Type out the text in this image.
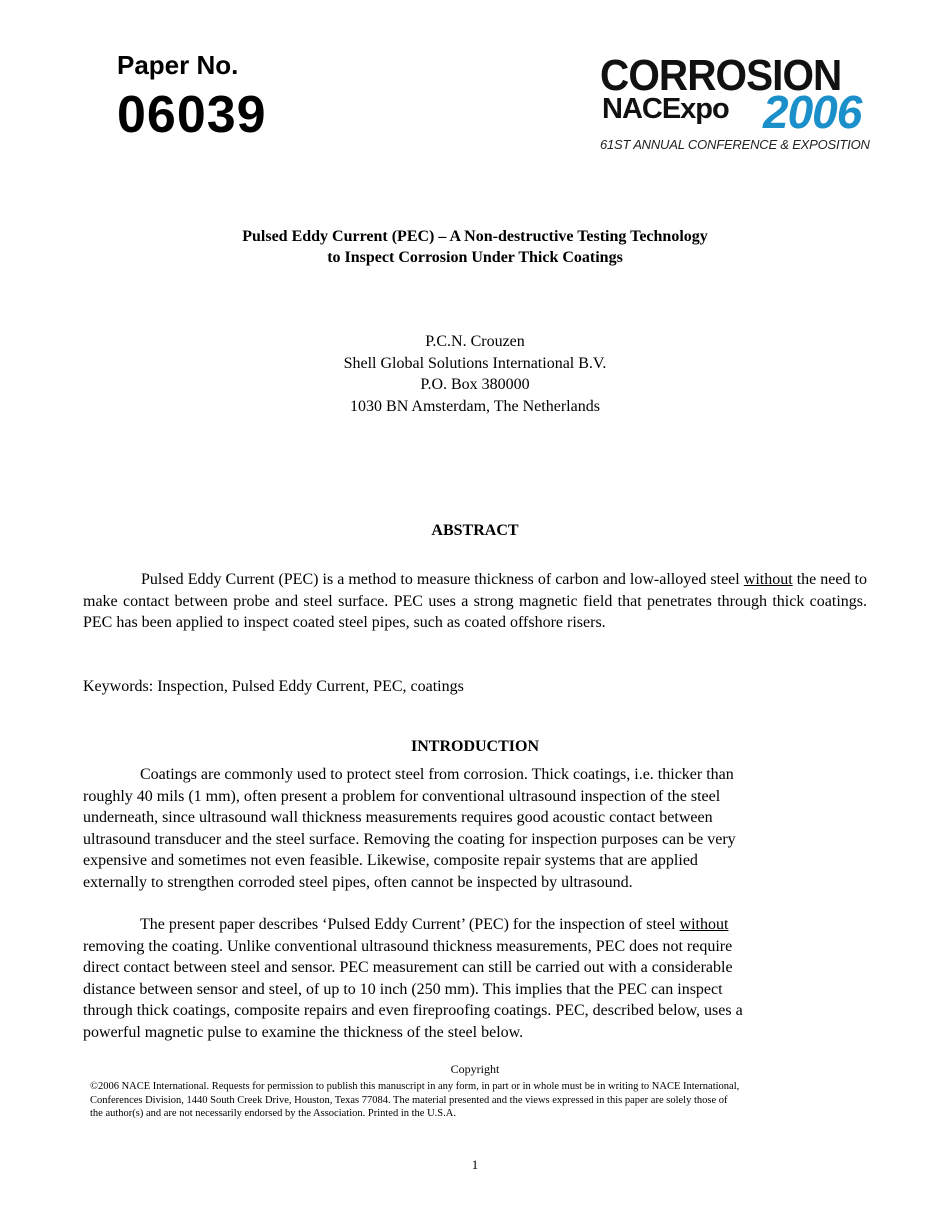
Paper No.
06039
CORROSION
NACExpo 2006
61ST ANNUAL CONFERENCE & EXPOSITION
Pulsed Eddy Current (PEC) – A Non-destructive Testing Technology
to Inspect Corrosion Under Thick Coatings
P.C.N. Crouzen
Shell Global Solutions International B.V.
P.O. Box 380000
1030 BN Amsterdam, The Netherlands
ABSTRACT
Pulsed Eddy Current (PEC) is a method to measure thickness of carbon and low-alloyed steel without the need to make contact between probe and steel surface. PEC uses a strong magnetic field that penetrates through thick coatings. PEC has been applied to inspect coated steel pipes, such as coated offshore risers.
Keywords: Inspection, Pulsed Eddy Current, PEC, coatings
INTRODUCTION
Coatings are commonly used to protect steel from corrosion. Thick coatings, i.e. thicker than
roughly 40 mils (1 mm), often present a problem for conventional ultrasound inspection of the steel
underneath, since ultrasound wall thickness measurements requires good acoustic contact between
ultrasound transducer and the steel surface. Removing the coating for inspection purposes can be very
expensive and sometimes not even feasible. Likewise, composite repair systems that are applied
externally to strengthen corroded steel pipes, often cannot be inspected by ultrasound.
The present paper describes ‘Pulsed Eddy Current’ (PEC) for the inspection of steel without
removing the coating. Unlike conventional ultrasound thickness measurements, PEC does not require
direct contact between steel and sensor. PEC measurement can still be carried out with a considerable
distance between sensor and steel, of up to 10 inch (250 mm). This implies that the PEC can inspect
through thick coatings, composite repairs and even fireproofing coatings. PEC, described below, uses a
powerful magnetic pulse to examine the thickness of the steel below.
Copyright
©2006 NACE International. Requests for permission to publish this manuscript in any form, in part or in whole must be in writing to NACE International,
Conferences Division, 1440 South Creek Drive, Houston, Texas 77084. The material presented and the views expressed in this paper are solely those of
the author(s) and are not necessarily endorsed by the Association. Printed in the U.S.A.
1
